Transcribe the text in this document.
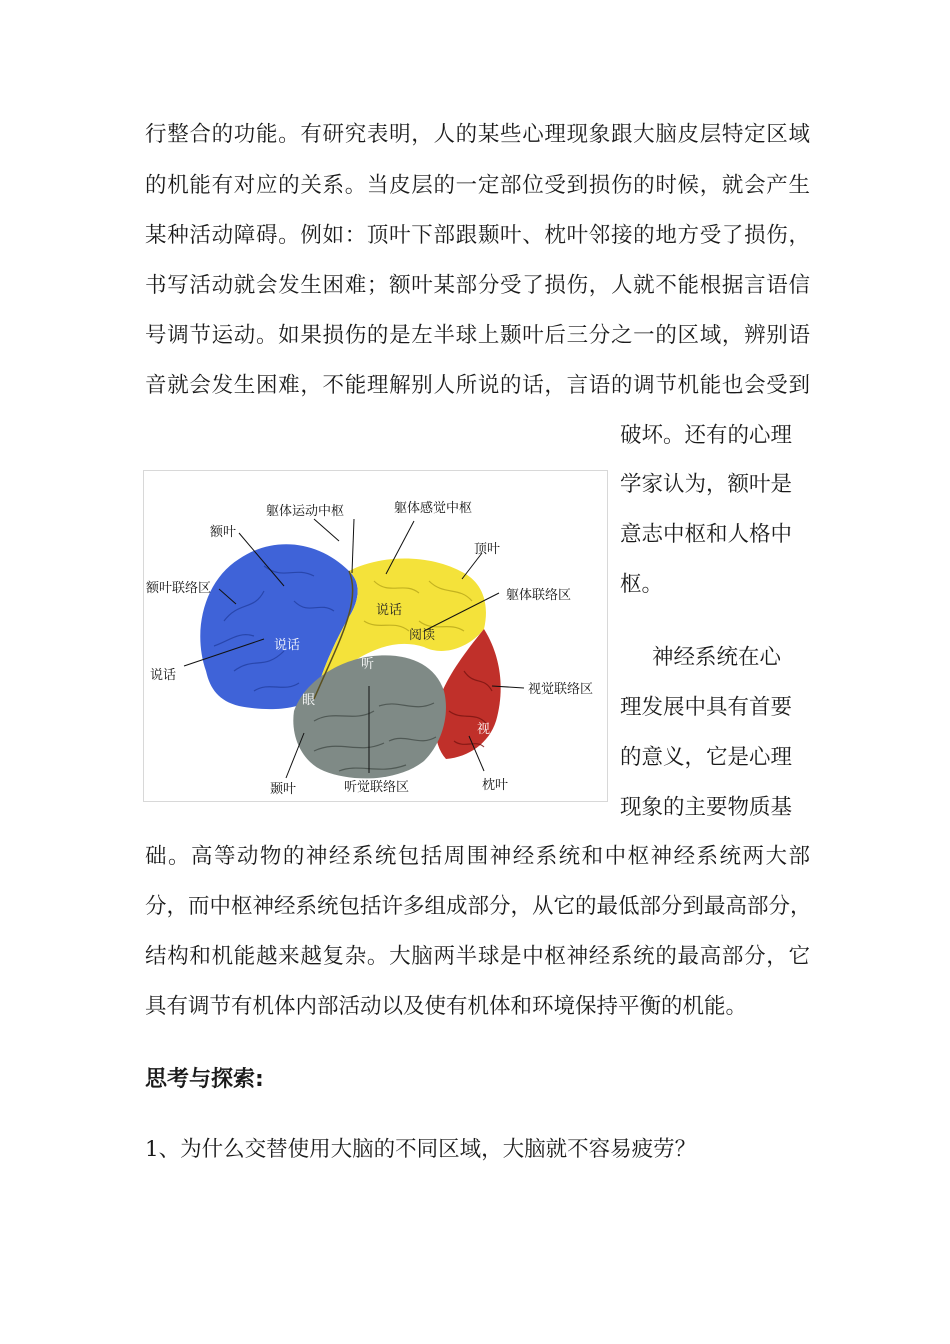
行整合的功能。有研究表明，人的某些心理现象跟大脑皮层特定区域
的机能有对应的关系。当皮层的一定部位受到损伤的时候，就会产生
某种活动障碍。例如：顶叶下部跟颞叶、枕叶邻接的地方受了损伤，
书写活动就会发生困难；额叶某部分受了损伤，人就不能根据言语信
号调节运动。如果损伤的是左半球上颞叶后三分之一的区域，辨别语
音就会发生困难，不能理解别人所说的话，言语的调节机能也会受到
破坏。还有的心理
学家认为，额叶是
意志中枢和人格中
枢。
神经系统在心
理发展中具有首要
的意义，它是心理
现象的主要物质基
躯体运动中枢	躯体感觉中枢
额叶
顶叶
额叶联络区	躯体联络区
说话
说话
阅读
说话
听
眼
视觉联络区
视
颞叶	听觉联络区	枕叶
础。高等动物的神经系统包括周围神经系统和中枢神经系统两大部
分，而中枢神经系统包括许多组成部分，从它的最低部分到最高部分，
结构和机能越来越复杂。大脑两半球是中枢神经系统的最高部分，它
具有调节有机体内部活动以及使有机体和环境保持平衡的机能。
思考与探索:
1、为什么交替使用大脑的不同区域，大脑就不容易疲劳？
